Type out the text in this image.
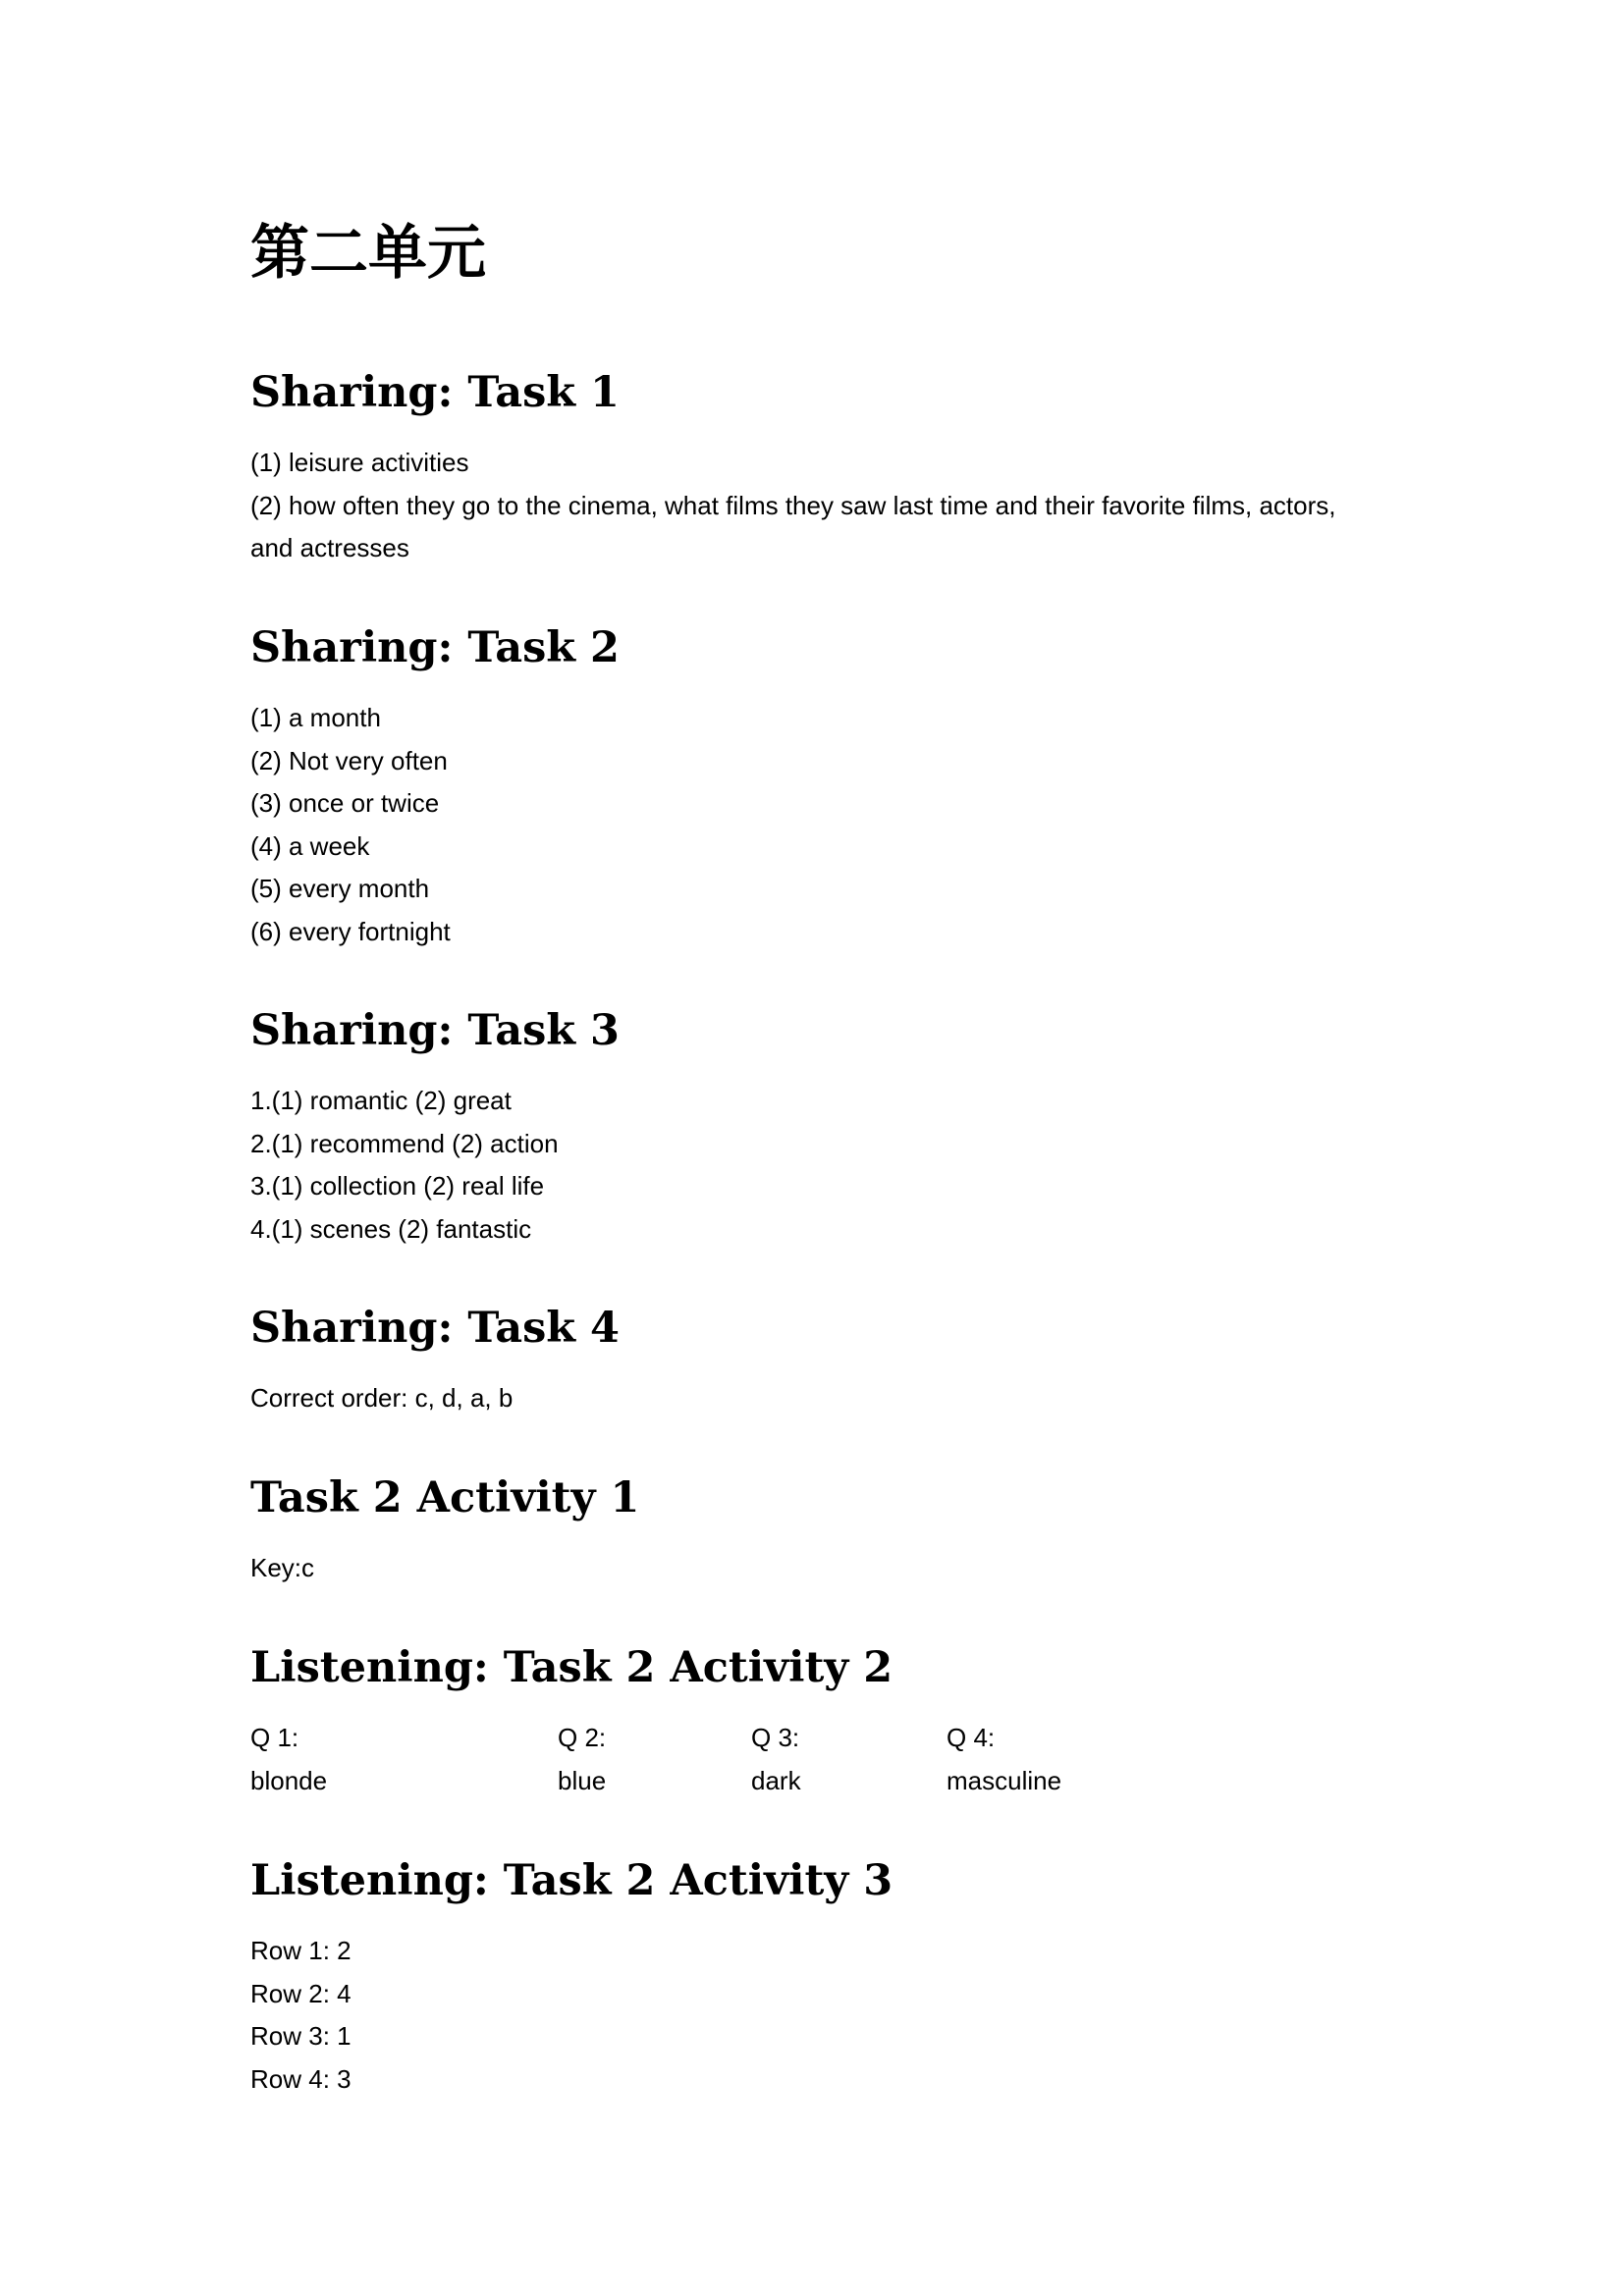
第二单元
Sharing: Task 1
(1) leisure activities
(2) how often they go to the cinema, what films they saw last time and their favorite films, actors,
and actresses
Sharing: Task 2
(1) a month
(2) Not very often
(3) once or twice
(4) a week
(5) every month
(6) every fortnight
Sharing: Task 3
1.(1) romantic (2) great
2.(1) recommend (2) action
3.(1) collection (2) real life
4.(1) scenes (2) fantastic
Sharing: Task 4
Correct order: c, d, a, b
Task 2 Activity 1
Key:c
Listening: Task 2 Activity 2
Q 1:
blonde
Q 2:
blue
Q 3:
dark
Q 4:
masculine
Listening: Task 2 Activity 3
Row 1: 2
Row 2: 4
Row 3: 1
Row 4: 3
